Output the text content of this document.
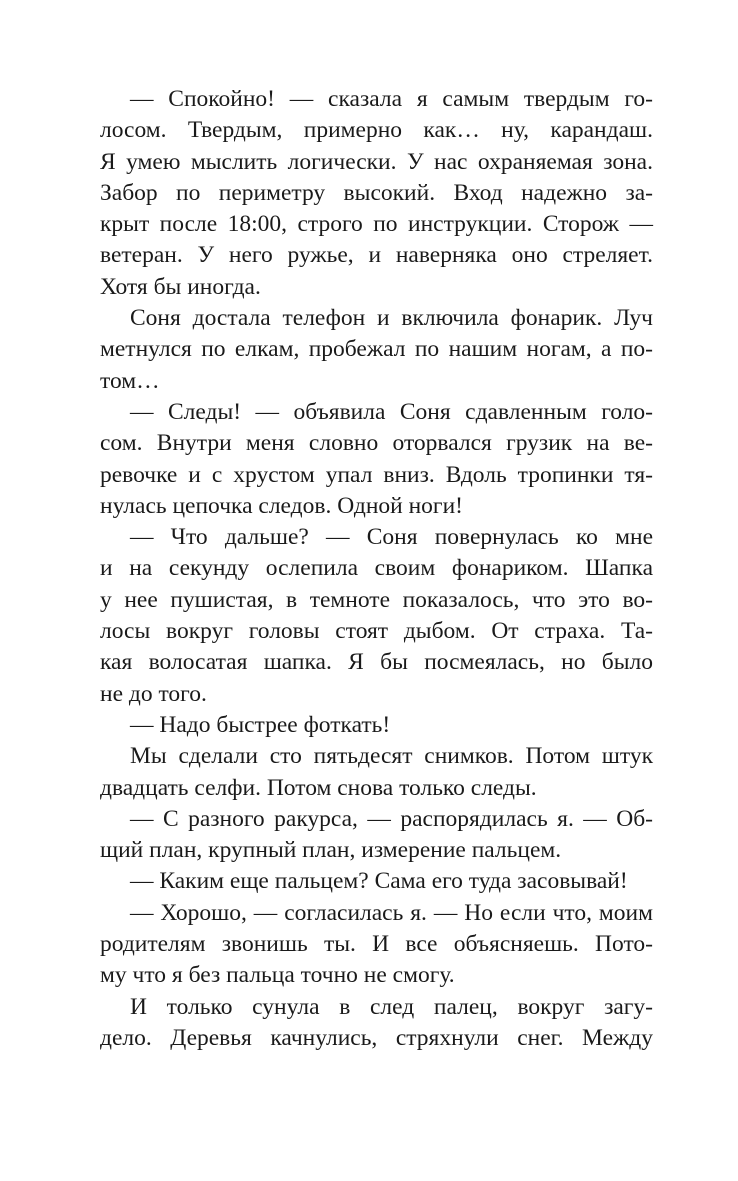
— Спокойно! — сказала я самым твердым го-
лосом. Твердым, примерно как… ну, карандаш.
Я умею мыслить логически. У нас охраняемая зона.
Забор по периметру высокий. Вход надежно за-
крыт после 18:00, строго по инструкции. Сторож —
ветеран. У него ружье, и наверняка оно стреляет.
Хотя бы иногда.

Соня достала телефон и включила фонарик. Луч
метнулся по елкам, пробежал по нашим ногам, а по-
том…

— Следы! — объявила Соня сдавленным голо-
сом. Внутри меня словно оторвался грузик на ве-
ревочке и с хрустом упал вниз. Вдоль тропинки тя-
нулась цепочка следов. Одной ноги!

— Что дальше? — Соня повернулась ко мне
и на секунду ослепила своим фонариком. Шапка
у нее пушистая, в темноте показалось, что это во-
лосы вокруг головы стоят дыбом. От страха. Та-
кая волосатая шапка. Я бы посмеялась, но было
не до того.

— Надо быстрее фоткать!

Мы сделали сто пятьдесят снимков. Потом штук
двадцать селфи. Потом снова только следы.

— С разного ракурса, — распорядилась я. — Об-
щий план, крупный план, измерение пальцем.

— Каким еще пальцем? Сама его туда засовывай!

— Хорошо, — согласилась я. — Но если что, моим
родителям звонишь ты. И все объясняешь. Пото-
му что я без пальца точно не смогу.

И только сунула в след палец, вокруг загу-
дело. Деревья качнулись, стряхнули снег. Между
